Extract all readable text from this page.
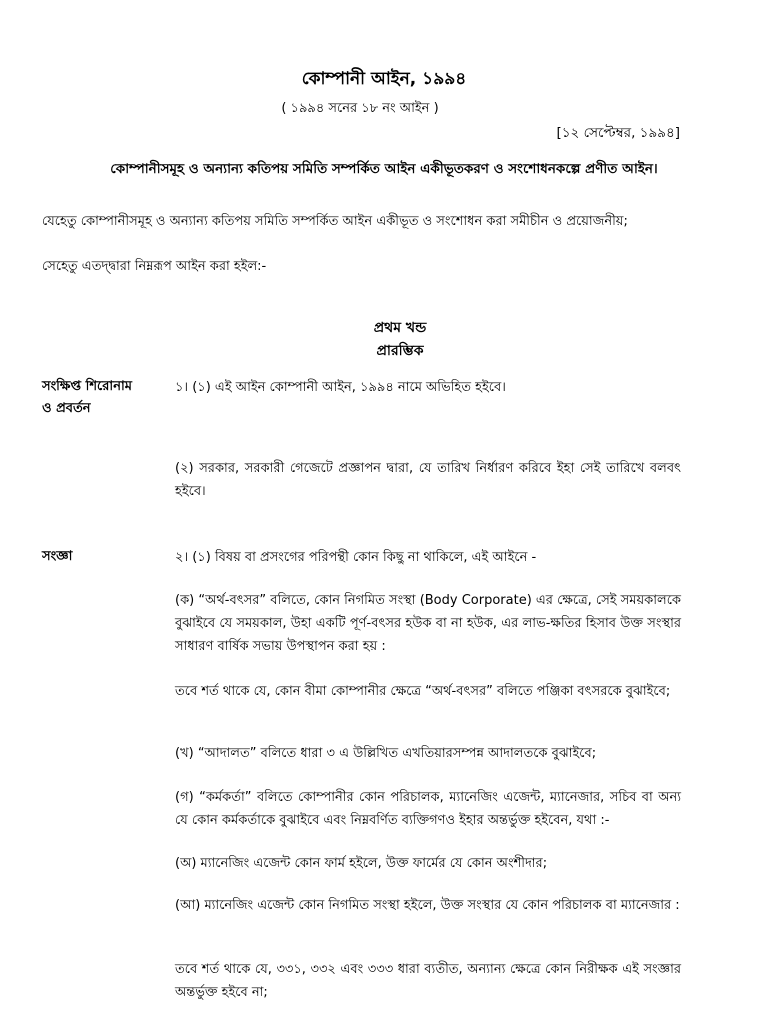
কোম্পানী আইন, ১৯৯৪

( ১৯৯৪ সনের ১৮ নং আইন )

[১২ সেপ্টেম্বর, ১৯৯৪]

কোম্পানীসমূহ ও অন্যান্য কতিপয় সমিতি সম্পর্কিত আইন একীভূতকরণ ও সংশোধনকল্পে প্রণীত আইন।

যেহেতু কোম্পানীসমূহ ও অন্যান্য কতিপয় সমিতি সম্পর্কিত আইন একীভূত ও সংশোধন করা সমীচীন ও প্রয়োজনীয়;

সেহেতু এতদ্দ্বারা নিম্নরূপ আইন করা হইল:-

প্রথম খন্ড

প্রারম্ভিক

সংক্ষিপ্ত শিরোনাম
ও প্রবর্তন

১। (১) এই আইন কোম্পানী আইন, ১৯৯৪ নামে অভিহিত হইবে।

(২) সরকার, সরকারী গেজেটে প্রজ্ঞাপন দ্বারা, যে তারিখ নির্ধারণ করিবে ইহা সেই তারিখে বলবৎ হইবে।

সংজ্ঞা	২। (১) বিষয় বা প্রসংগের পরিপন্থী কোন কিছু না থাকিলে, এই আইনে -

(ক) “অর্থ-বৎসর” বলিতে, কোন নিগমিত সংস্থা (Body Corporate) এর ক্ষেত্রে, সেই সময়কালকে বুঝাইবে যে সময়কাল, উহা একটি পূর্ণ-বৎসর হউক বা না হউক, এর লাভ-ক্ষতির হিসাব উক্ত সংস্থার সাধারণ বার্ষিক সভায় উপস্থাপন করা হয় :

তবে শর্ত থাকে যে, কোন বীমা কোম্পানীর ক্ষেত্রে “অর্থ-বৎসর” বলিতে পঞ্জিকা বৎসরকে বুঝাইবে;

(খ) “আদালত” বলিতে ধারা ৩ এ উল্লিখিত এখতিয়ারসম্পন্ন আদালতকে বুঝাইবে;

(গ) “কর্মকর্তা” বলিতে কোম্পানীর কোন পরিচালক, ম্যানেজিং এজেন্ট, ম্যানেজার, সচিব বা অন্য যে কোন কর্মকর্তাকে বুঝাইবে এবং নিম্নবর্ণিত ব্যক্তিগণও ইহার অন্তর্ভুক্ত হইবেন, যথা :-

(অ) ম্যানেজিং এজেন্ট কোন ফার্ম হইলে, উক্ত ফার্মের যে কোন অংশীদার;

(আ) ম্যানেজিং এজেন্ট কোন নিগমিত সংস্থা হইলে, উক্ত সংস্থার যে কোন পরিচালক বা ম্যানেজার :

তবে শর্ত থাকে যে, ৩৩১, ৩৩২ এবং ৩৩৩ ধারা ব্যতীত, অন্যান্য ক্ষেত্রে কোন নিরীক্ষক এই সংজ্ঞার অন্তর্ভুক্ত হইবে না;
